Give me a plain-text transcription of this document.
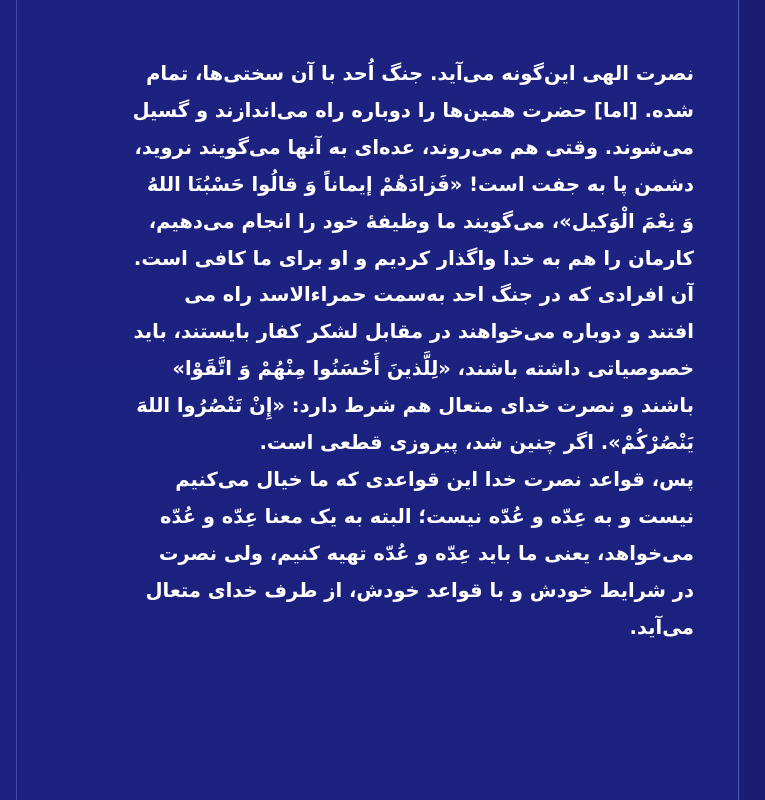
نصرت الهی این‌گونه می‌آید. جنگ اُحد با آن سختی‌ها، تمام
شده. [اما] حضرت همین‌ها را دوباره راه می‌اندازند و گسیل
می‌شوند. وقتی هم می‌روند، عده‌ای به آنها می‌گویند نروید،
دشمن پا به جفت است! «فَزادَهُمْ إیماناً وَ قالُوا حَسْبُنَا اللهُ
وَ نِعْمَ الْوَکیل»، می‌گویند ما وظیفهٔ خود را انجام می‌دهیم،
کارمان را هم به خدا واگذار کردیم و او برای ما کافی است.

آن افرادی که در جنگ احد به‌سمت حمراءالاسد راه می
افتند و دوباره می‌خواهند در مقابل لشکر کفار بایستند، باید
خصوصیاتی داشته باشند، «لِلَّذینَ أَحْسَنُوا مِنْهُمْ وَ اتَّقَوْا»
باشند و نصرت خدای متعال هم شرط دارد: «إِنْ تَنْصُرُوا اللهَ
یَنْصُرْکُمْ». اگر چنین شد، پیروزی قطعی است.

پس، قواعد نصرت خدا این قواعدی که ما خیال می‌کنیم
نیست و به عِدّه و عُدّه نیست؛ البته به یک معنا عِدّه و عُدّه
می‌خواهد، یعنی ما باید عِدّه و عُدّه تهیه کنیم، ولی نصرت
در شرایط خودش و با قواعد خودش، از طرف خدای متعال
می‌آید.
